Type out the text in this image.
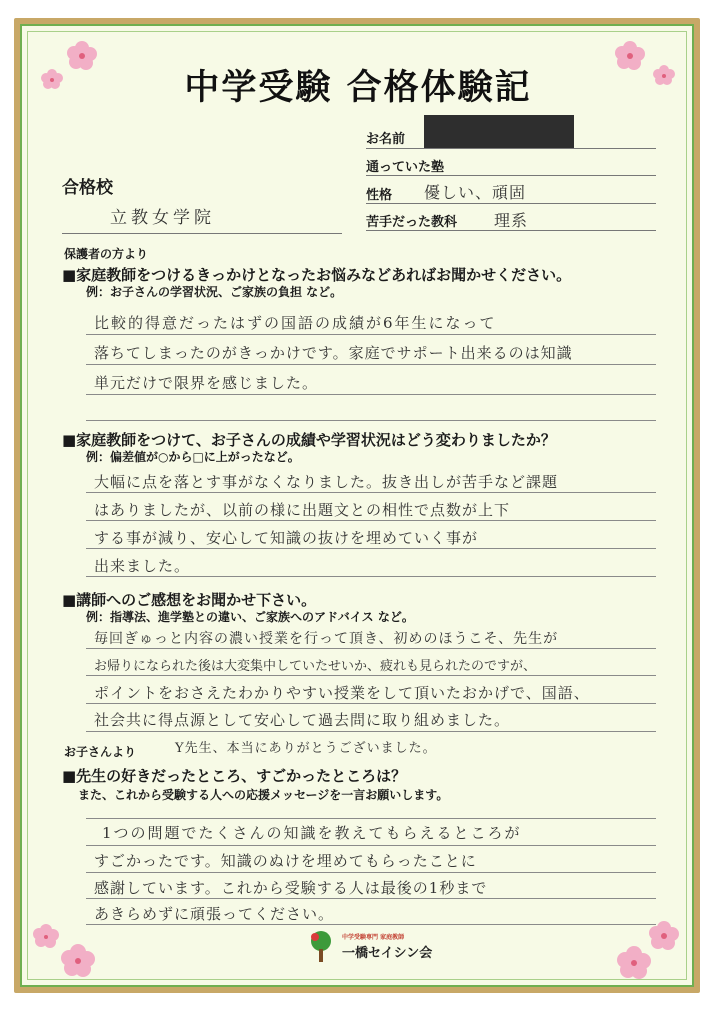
中学受験 合格体験記
お名前
通っていた塾
性格 優しい、頑固
苦手だった教科 理系
合格校
立教女学院
保護者の方より
■家庭教師をつけるきっかけとなったお悩みなどあればお聞かせください。
例：お子さんの学習状況、ご家族の負担 など。
比較的得意だったはずの国語の成績が6年生になって
落ちてしまったのがきっかけです。家庭でサポート出来るのは知識
単元だけで限界を感じました。
■家庭教師をつけて、お子さんの成績や学習状況はどう変わりましたか？
例：偏差値が○から□に上がったなど。
大幅に点を落とす事がなくなりました。抜き出しが苦手など課題
はありましたが、以前の様に出題文との相性で点数が上下
する事が減り、安心して知識の抜けを埋めていく事が
出来ました。
■講師へのご感想をお聞かせ下さい。
例：指導法、進学塾との違い、ご家族へのアドバイス など。
毎回ぎゅっと内容の濃い授業を行って頂き、初めのほうこそ、先生が
お帰りになられた後は大変集中していたせいか、疲れも見られたのですが、
ポイントをおさえたわかりやすい授業をして頂いたおかげで、国語、
社会共に得点源として安心して過去問に取り組めました。
Y先生、本当にありがとうございました。
お子さんより
■先生の好きだったところ、すごかったところは？
また、これから受験する人への応援メッセージを一言お願いします。
1つの問題でたくさんの知識を教えてもらえるところが
すごかったです。知識のぬけを埋めてもらったことに
感謝しています。これから受験する人は最後の1秒まで
あきらめずに頑張ってください。
中学受験専門 家庭教師
一橋セイシン会
